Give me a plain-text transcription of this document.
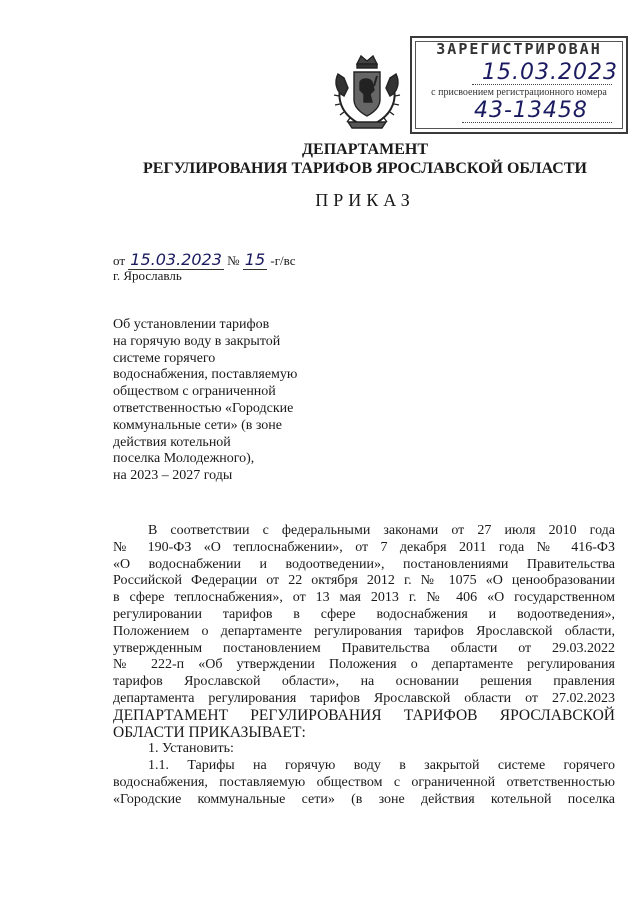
ЗАРЕГИСТРИРОВАН
15.03.2023
с присвоением регистрационного номера
43-13458
ДЕПАРТАМЕНТ
РЕГУЛИРОВАНИЯ ТАРИФОВ ЯРОСЛАВСКОЙ ОБЛАСТИ
ПРИКАЗ
от 15.03.2023 № 15 -г/вс
г. Ярославль
Об установлении тарифов
на горячую воду в закрытой
системе горячего
водоснабжения, поставляемую
обществом с ограниченной
ответственностью «Городские
коммунальные сети» (в зоне
действия котельной
поселка Молодежного),
на 2023 – 2027 годы
В соответствии с федеральными законами от 27 июля 2010 года
№ 190-ФЗ «О теплоснабжении», от 7 декабря 2011 года № 416-ФЗ
«О водоснабжении и водоотведении», постановлениями Правительства
Российской Федерации от 22 октября 2012 г. № 1075 «О ценообразовании
в сфере теплоснабжения», от 13 мая 2013 г. № 406 «О государственном
регулировании тарифов в сфере водоснабжения и водоотведения»,
Положением о департаменте регулирования тарифов Ярославской области,
утвержденным постановлением Правительства области от 29.03.2022
№ 222-п «Об утверждении Положения о департаменте регулирования
тарифов Ярославской области», на основании решения правления
департамента регулирования тарифов Ярославской области от 27.02.2023
ДЕПАРТАМЕНТ РЕГУЛИРОВАНИЯ ТАРИФОВ ЯРОСЛАВСКОЙ
ОБЛАСТИ ПРИКАЗЫВАЕТ:
1. Установить:
1.1. Тарифы на горячую воду в закрытой системе горячего
водоснабжения, поставляемую обществом с ограниченной ответственностью
«Городские коммунальные сети» (в зоне действия котельной поселка
